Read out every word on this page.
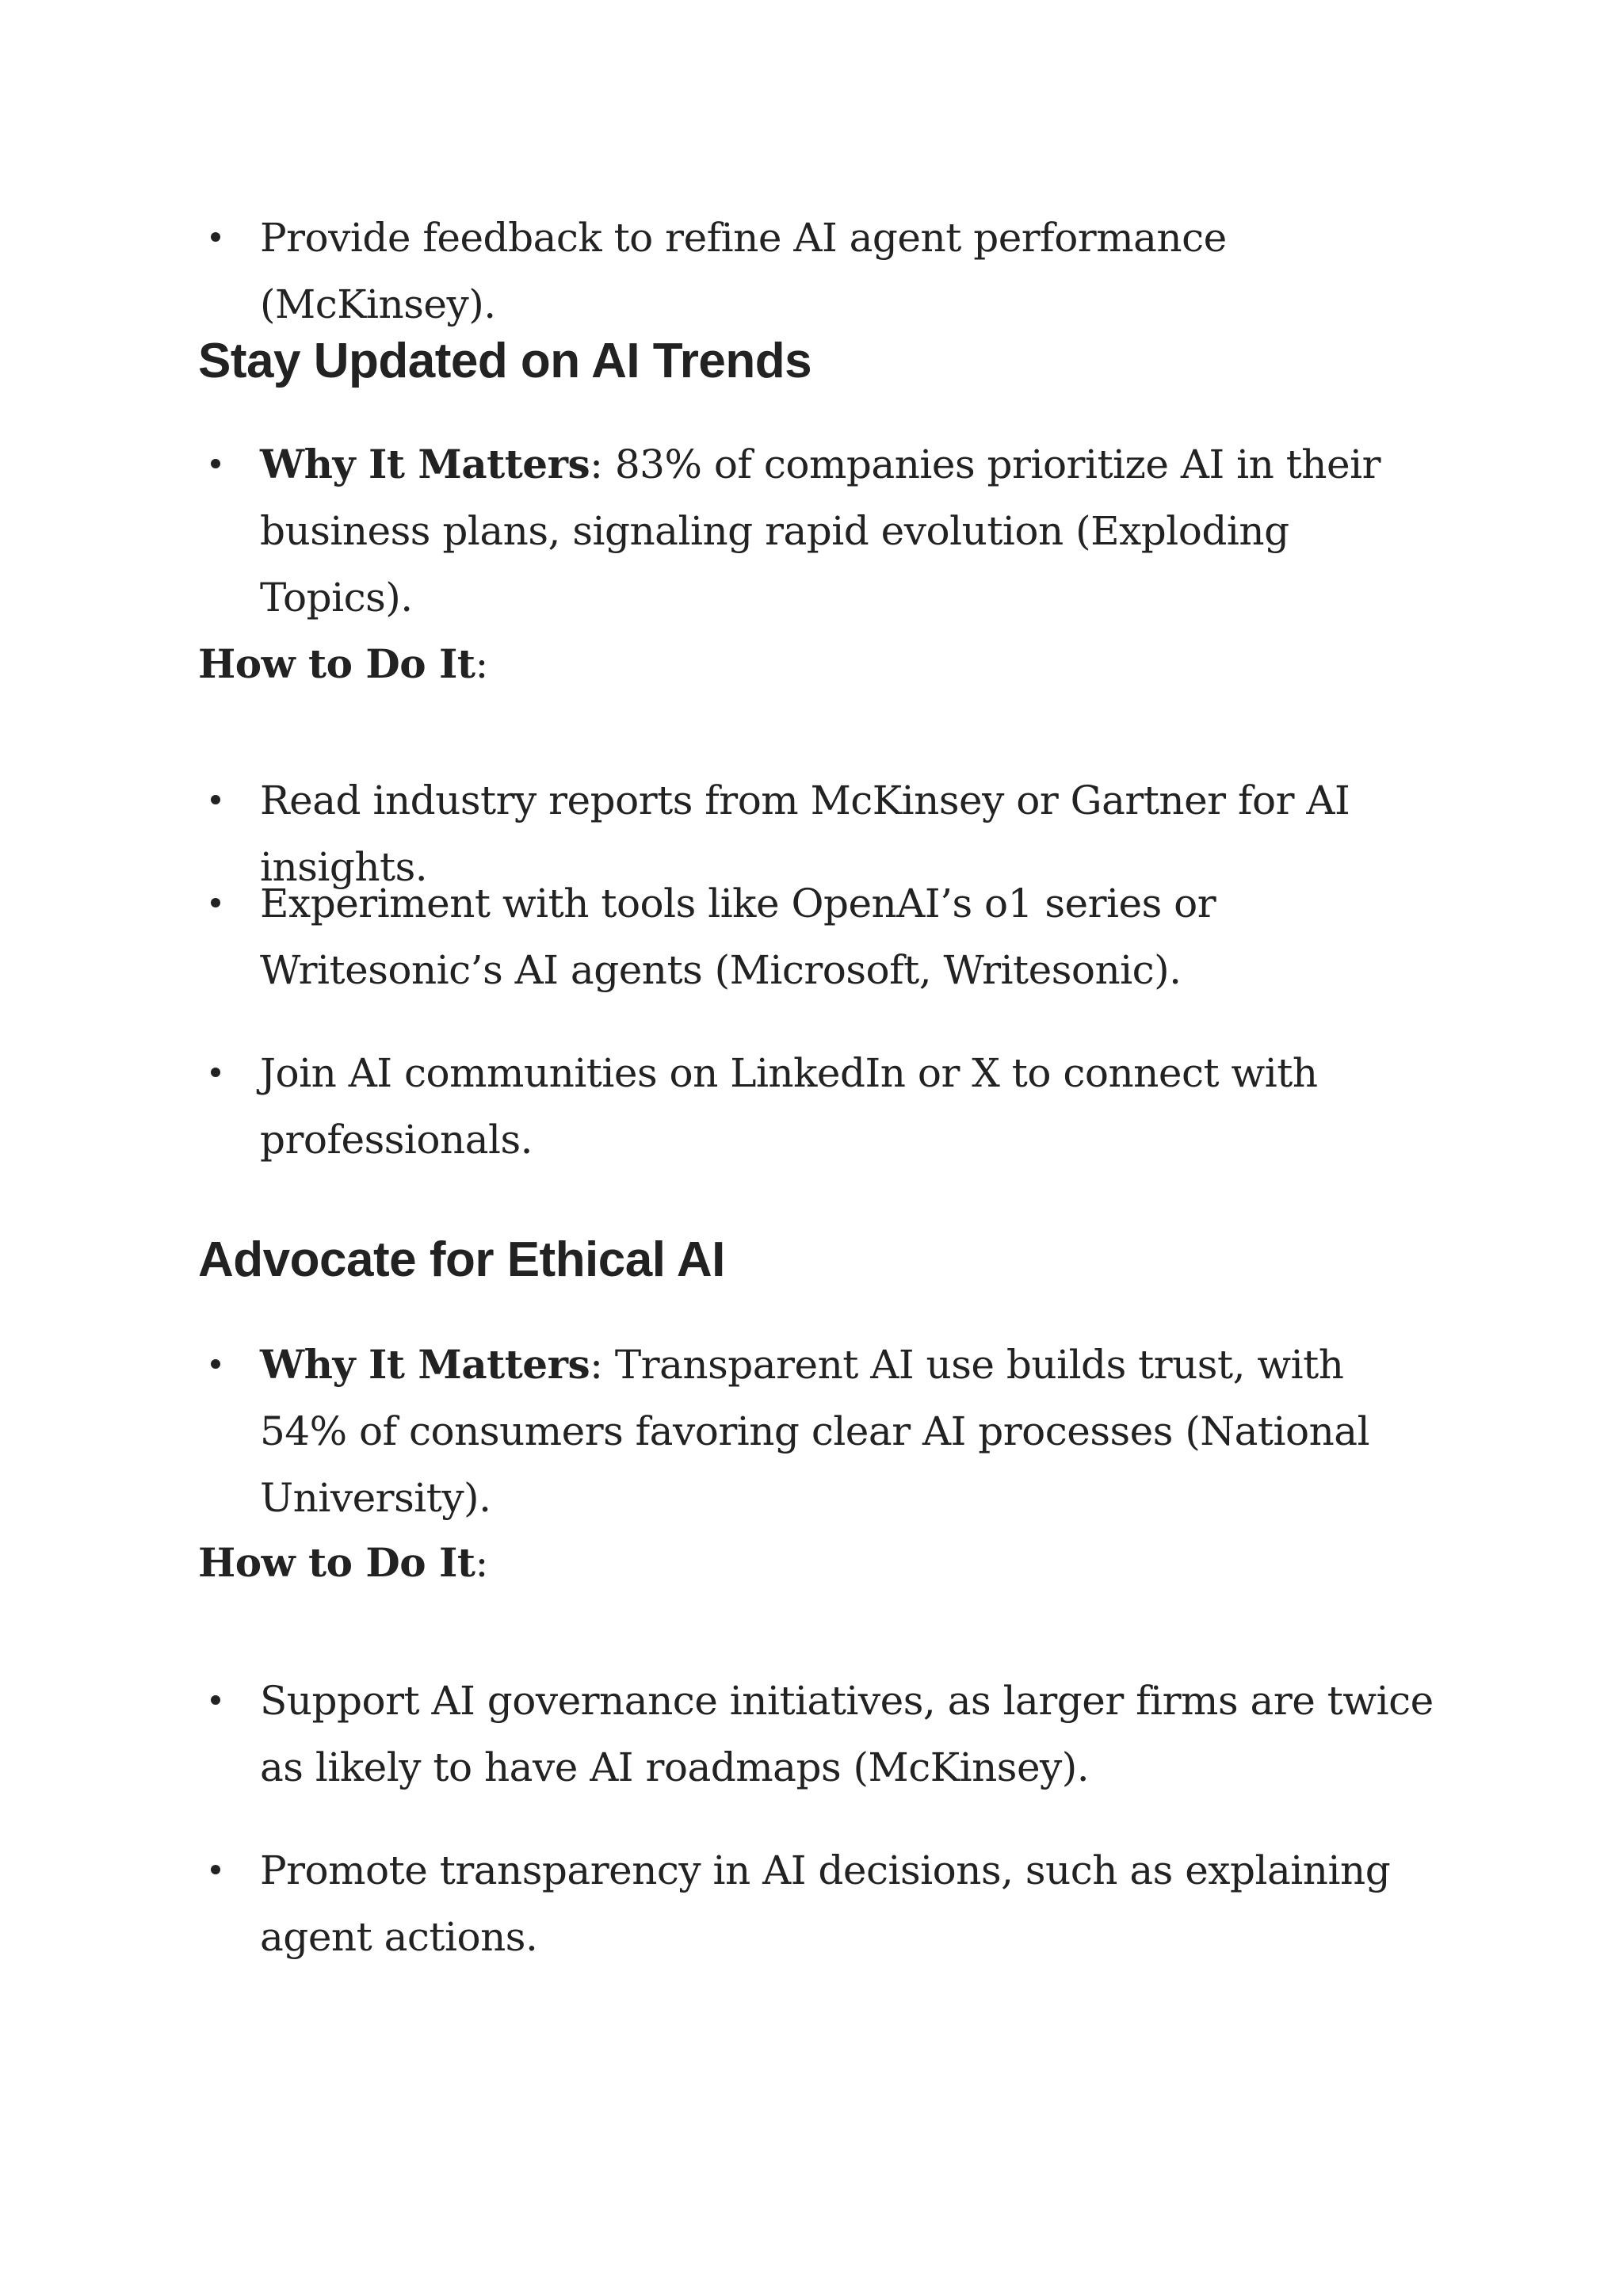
Provide feedback to refine AI agent performance (McKinsey).
Stay Updated on AI Trends
Why It Matters: 83% of companies prioritize AI in their business plans, signaling rapid evolution (Exploding Topics).
How to Do It:
Read industry reports from McKinsey or Gartner for AI insights.
Experiment with tools like OpenAI’s o1 series or Writesonic’s AI agents (Microsoft, Writesonic).
Join AI communities on LinkedIn or X to connect with professionals.
Advocate for Ethical AI
Why It Matters: Transparent AI use builds trust, with 54% of consumers favoring clear AI processes (National University).
How to Do It:
Support AI governance initiatives, as larger firms are twice as likely to have AI roadmaps (McKinsey).
Promote transparency in AI decisions, such as explaining agent actions.
